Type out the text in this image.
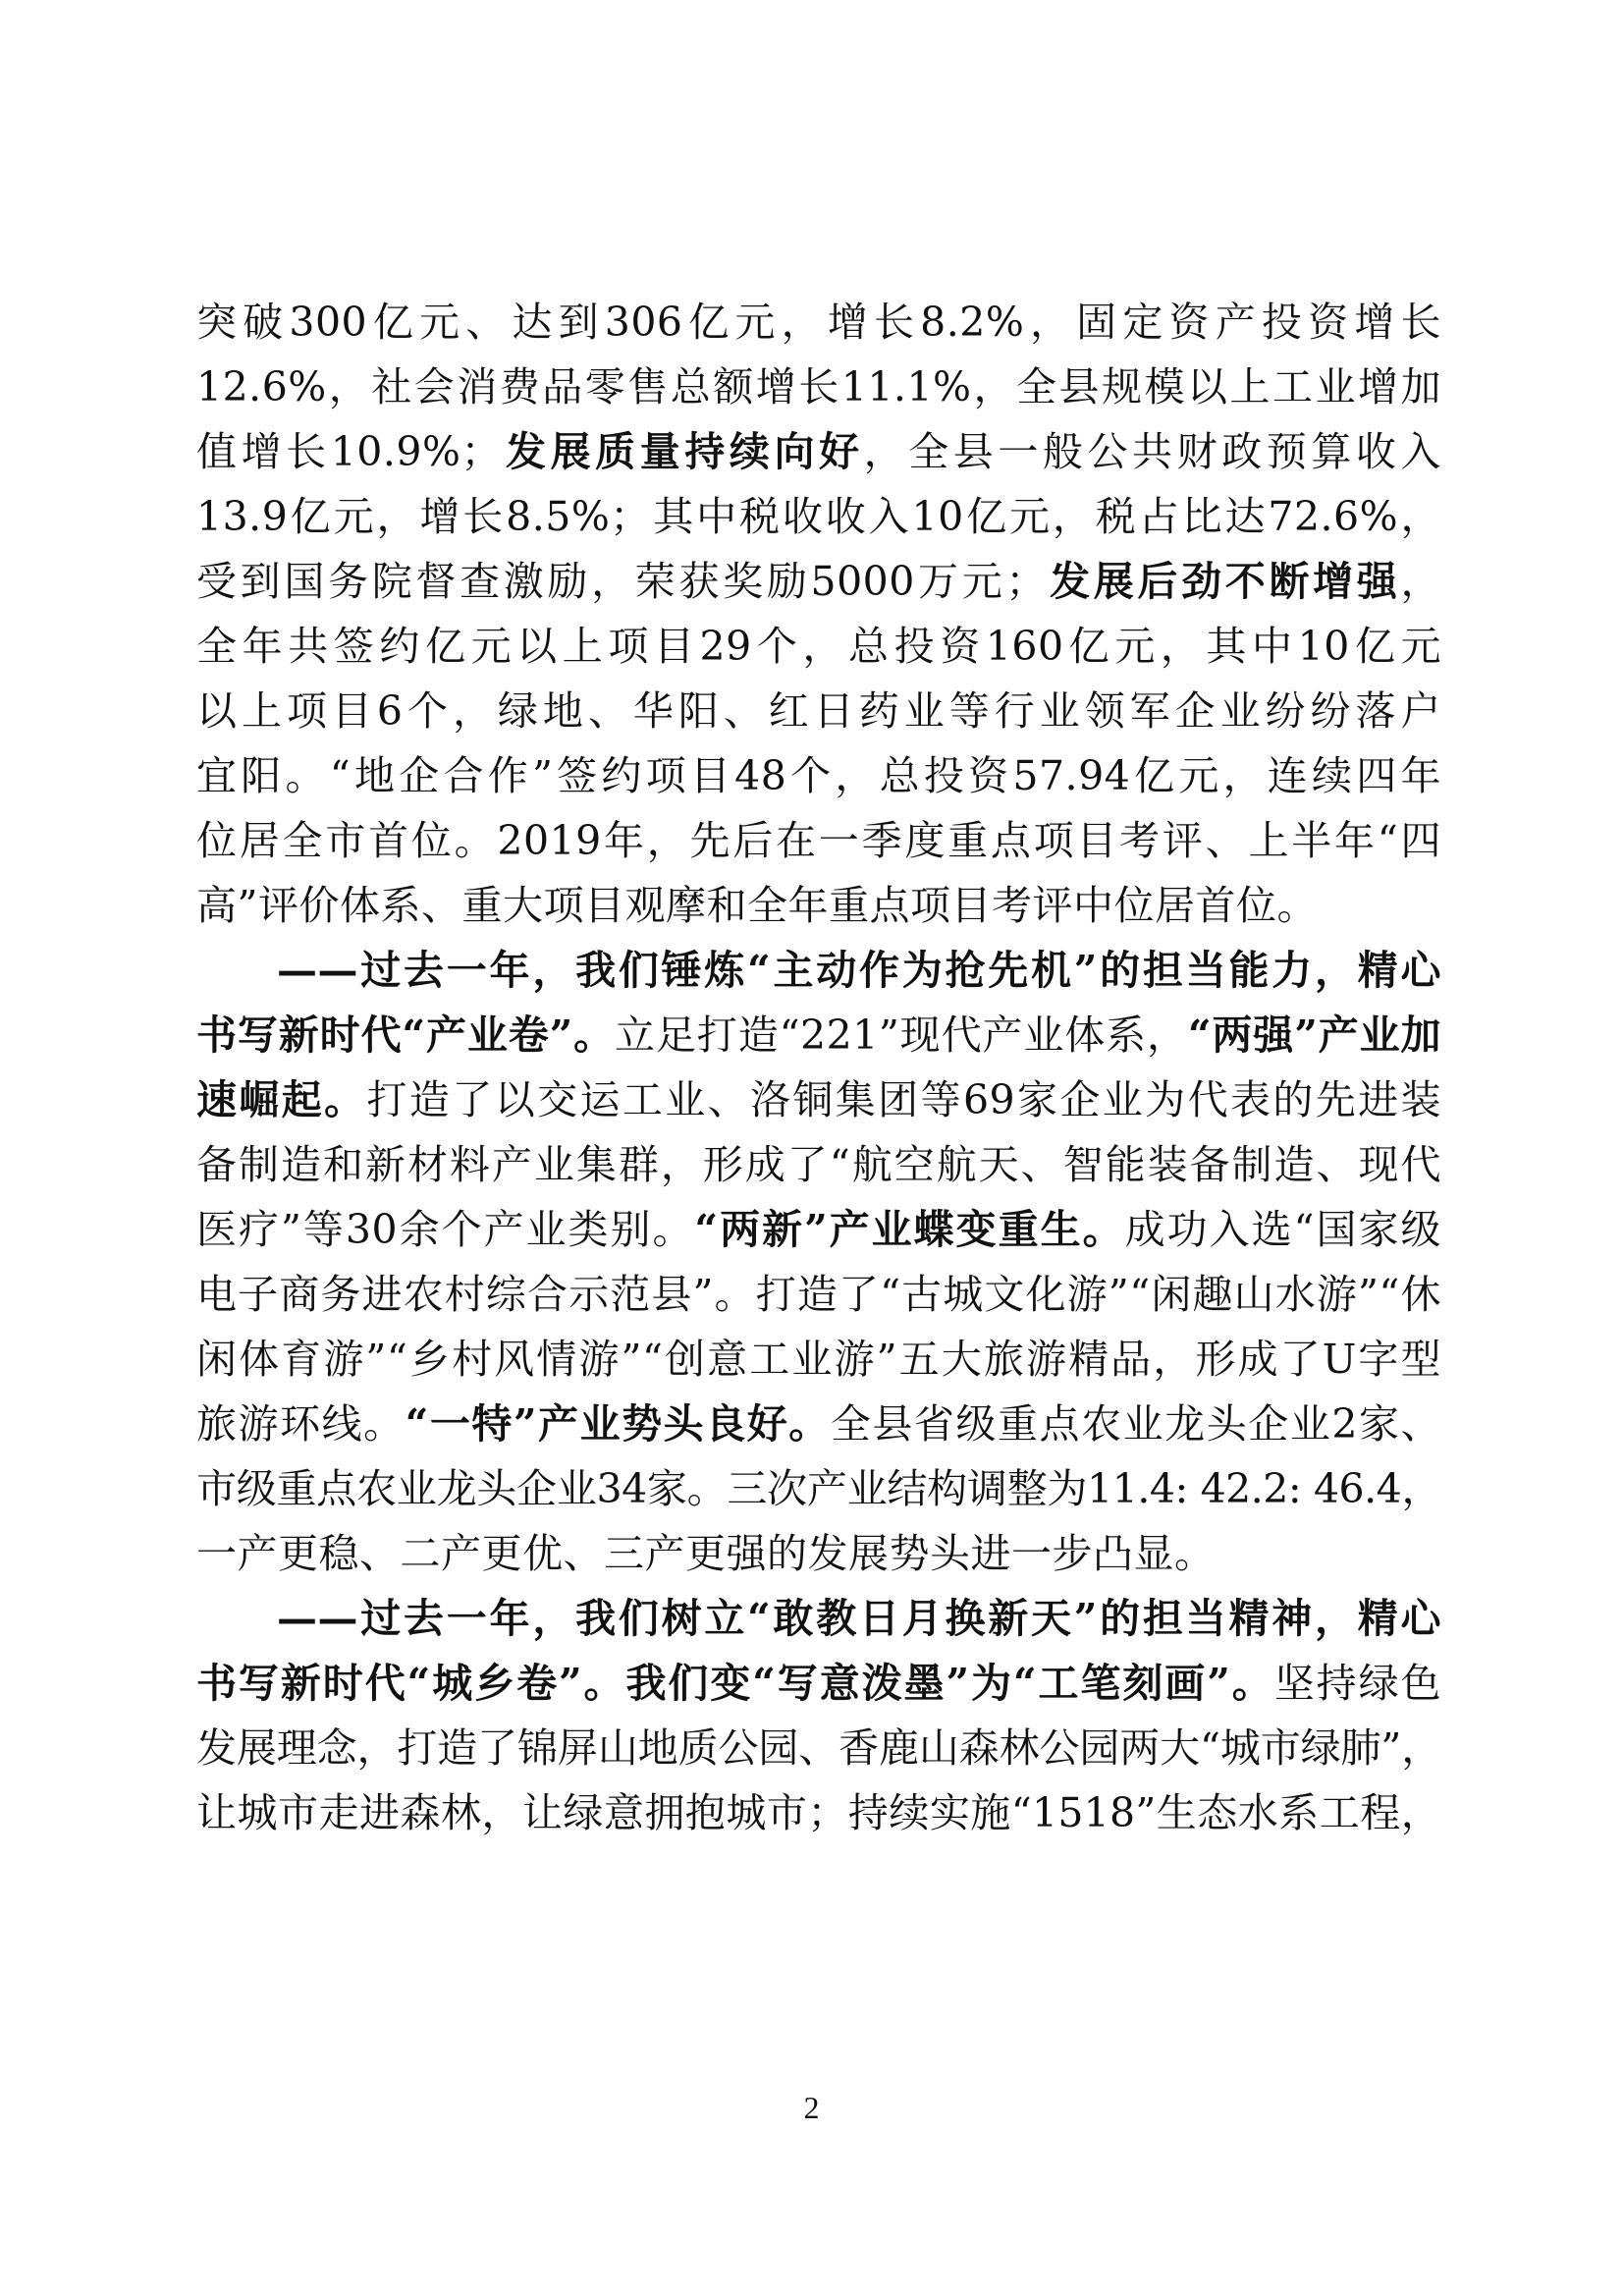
突破300亿元、达到306亿元，增长8.2%，固定资产投资增长
12.6%，社会消费品零售总额增长11.1%，全县规模以上工业增加
值增长10.9%；发展质量持续向好，全县一般公共财政预算收入
13.9亿元，增长8.5%；其中税收收入10亿元，税占比达72.6%，
受到国务院督查激励，荣获奖励5000万元；发展后劲不断增强，
全年共签约亿元以上项目29个，总投资160亿元，其中10亿元
以上项目6个，绿地、华阳、红日药业等行业领军企业纷纷落户
宜阳。“地企合作”签约项目48个，总投资57.94亿元，连续四年
位居全市首位。2019年，先后在一季度重点项目考评、上半年“四
高”评价体系、重大项目观摩和全年重点项目考评中位居首位。
——过去一年，我们锤炼“主动作为抢先机”的担当能力，精心
书写新时代“产业卷”。立足打造“221”现代产业体系，“两强”产业加
速崛起。打造了以交运工业、洛铜集团等69家企业为代表的先进装
备制造和新材料产业集群，形成了“航空航天、智能装备制造、现代
医疗”等30余个产业类别。“两新”产业蝶变重生。成功入选“国家级
电子商务进农村综合示范县”。打造了“古城文化游”“闲趣山水游”“休
闲体育游”“乡村风情游”“创意工业游”五大旅游精品，形成了U字型
旅游环线。“一特”产业势头良好。全县省级重点农业龙头企业2家、
市级重点农业龙头企业34家。三次产业结构调整为11.4: 42.2: 46.4，
一产更稳、二产更优、三产更强的发展势头进一步凸显。
——过去一年，我们树立“敢教日月换新天”的担当精神，精心
书写新时代“城乡卷”。我们变“写意泼墨”为“工笔刻画”。坚持绿色
发展理念，打造了锦屏山地质公园、香鹿山森林公园两大“城市绿肺”，
让城市走进森林，让绿意拥抱城市；持续实施“1518”生态水系工程，
2
